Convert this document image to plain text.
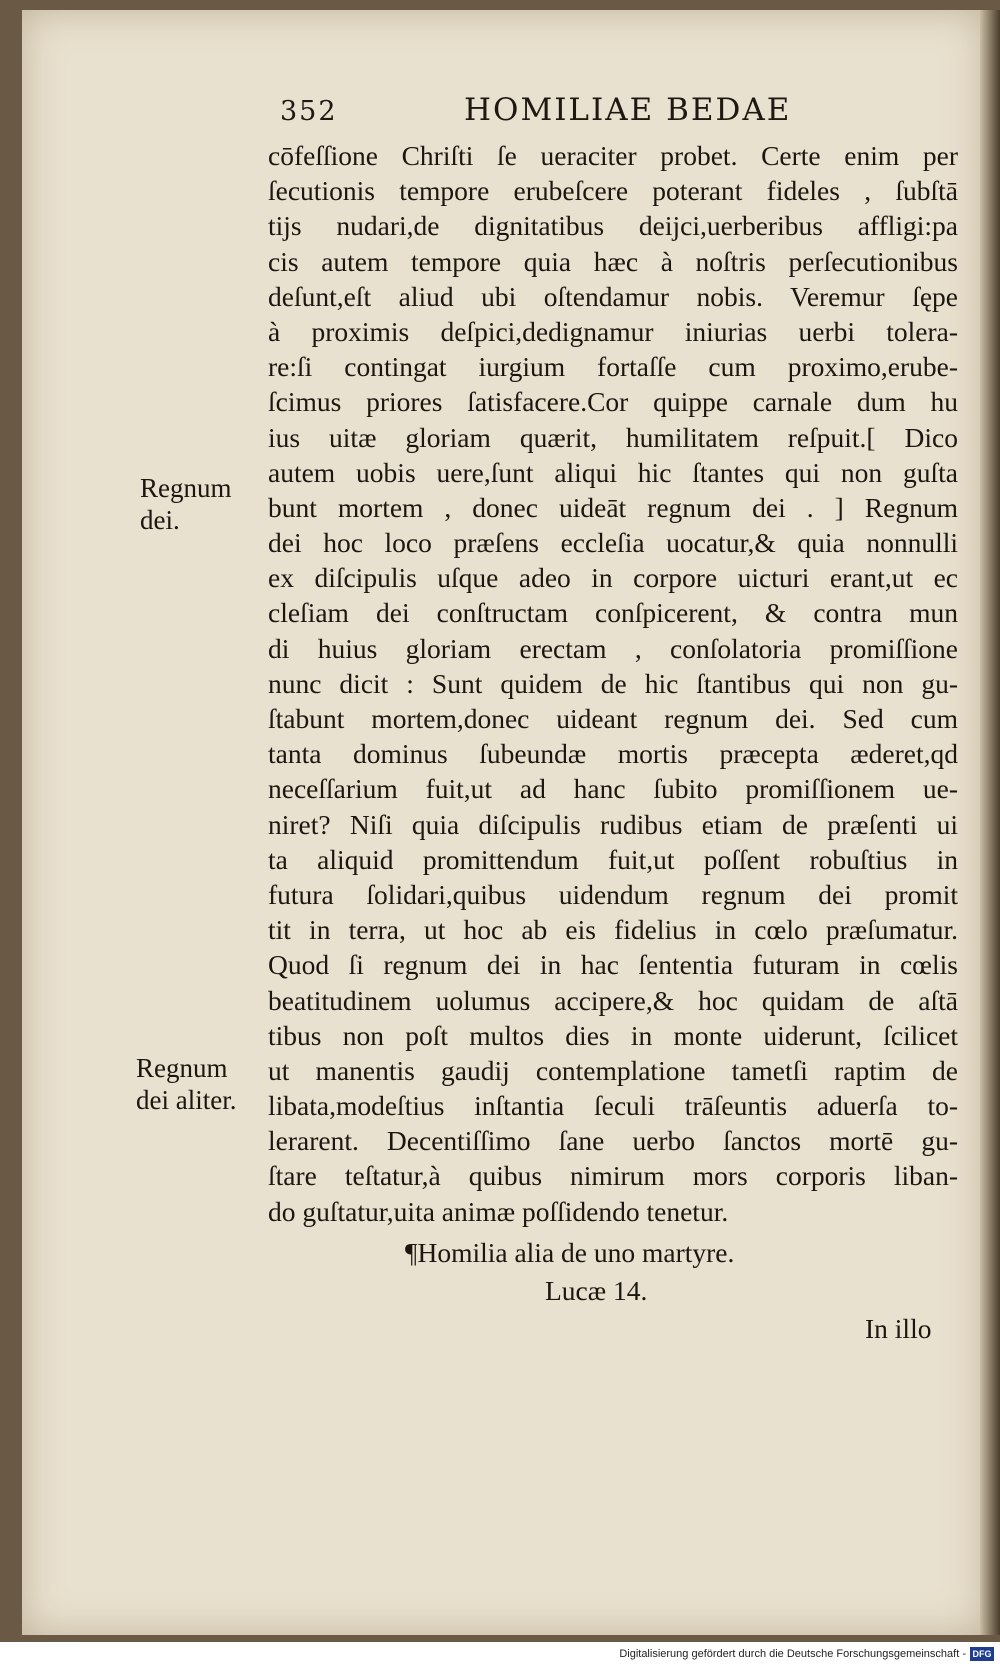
352	HOMILIAE BEDAE
cōfeſſione Chriſti ſe ueraciter probet. Certe enim per
ſecutionis tempore erubeſcere poterant fideles , ſubſtā
tijs nudari,de dignitatibus deijci,uerberibus affligi:pa
cis autem tempore quia hæc à noſtris perſecutionibus
deſunt,eſt aliud ubi oſtendamur nobis. Veremur ſępe
à proximis deſpici,dedignamur iniurias uerbi tolera-
re:ſi contingat iurgium fortaſſe cum proximo,erube-
ſcimus priores ſatisfacere.Cor quippe carnale dum hu
ius uitæ gloriam quærit, humilitatem reſpuit.[ Dico
autem uobis uere,ſunt aliqui hic ſtantes qui non guſta
bunt mortem , donec uideāt regnum dei . ] Regnum
dei hoc loco præſens eccleſia uocatur,& quia nonnulli
ex diſcipulis uſque adeo in corpore uicturi erant,ut ec
cleſiam dei conſtructam conſpicerent, & contra mun
di huius gloriam erectam , conſolatoria promiſſione
nunc dicit : Sunt quidem de hic ſtantibus qui non gu-
ſtabunt mortem,donec uideant regnum dei. Sed cum
tanta dominus ſubeundæ mortis præcepta æderet,qd
neceſſarium fuit,ut ad hanc ſubito promiſſionem ue-
niret? Niſi quia diſcipulis rudibus etiam de præſenti ui
ta aliquid promittendum fuit,ut poſſent robuſtius in
futura ſolidari,quibus uidendum regnum dei promit
tit in terra, ut hoc ab eis fidelius in cœlo præſumatur.
Quod ſi regnum dei in hac ſententia futuram in cœlis
beatitudinem uolumus accipere,& hoc quidam de aſtā
tibus non poſt multos dies in monte uiderunt, ſcilicet
ut manentis gaudij contemplatione tametſi raptim de
libata,modeſtius inſtantia ſeculi trāſeuntis aduerſa to-
lerarent. Decentiſſimo ſane uerbo ſanctos mortē gu-
ſtare teſtatur,à quibus nimirum mors corporis liban-
do guſtatur,uita animæ poſſidendo tenetur.
Regnum
dei.
Regnum
dei aliter.
¶Homilia alia de uno martyre.
Lucæ 14.
In illo
Digitalisierung gefördert durch die Deutsche Forschungsgemeinschaft - DFG
